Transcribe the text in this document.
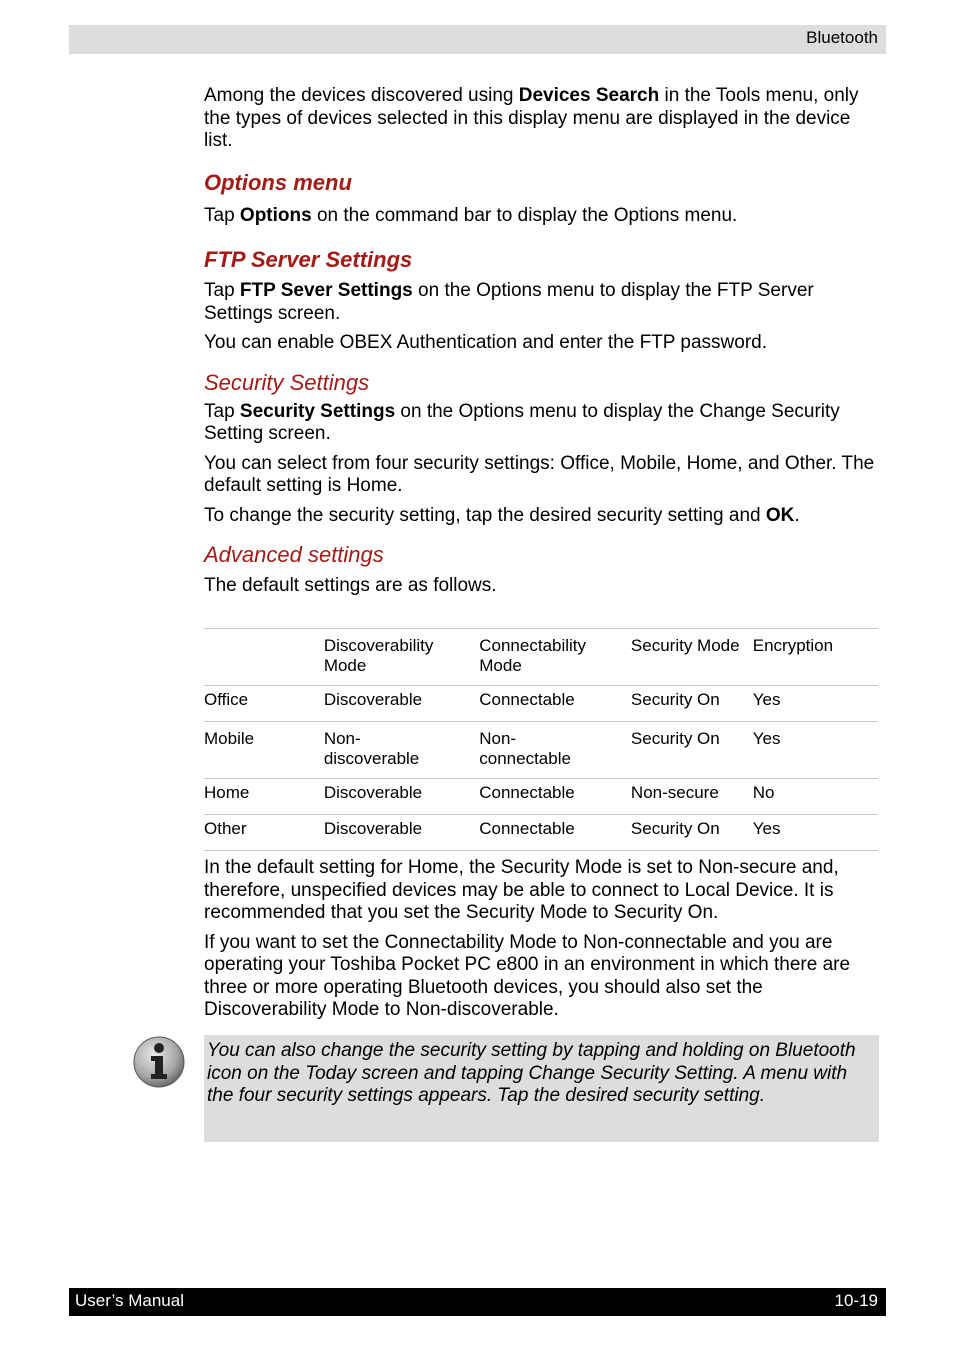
Bluetooth

Among the devices discovered using Devices Search in the Tools menu, only the types of devices selected in this display menu are displayed in the device list.

Options menu

Tap Options on the command bar to display the Options menu.

FTP Server Settings

Tap FTP Sever Settings on the Options menu to display the FTP Server Settings screen.

You can enable OBEX Authentication and enter the FTP password.

Security Settings

Tap Security Settings on the Options menu to display the Change Security Setting screen.

You can select from four security settings: Office, Mobile, Home, and Other. The default setting is Home.

To change the security setting, tap the desired security setting and OK.

Advanced settings

The default settings are as follows.

	Discoverability Mode	Connectability Mode	Security Mode	Encryption
Office	Discoverable	Connectable	Security On	Yes
Mobile	Non-discoverable	Non-connectable	Security On	Yes
Home	Discoverable	Connectable	Non-secure	No
Other	Discoverable	Connectable	Security On	Yes

In the default setting for Home, the Security Mode is set to Non-secure and, therefore, unspecified devices may be able to connect to Local Device. It is recommended that you set the Security Mode to Security On.

If you want to set the Connectability Mode to Non-connectable and you are operating your Toshiba Pocket PC e800 in an environment in which there are three or more operating Bluetooth devices, you should also set the Discoverability Mode to Non-discoverable.

You can also change the security setting by tapping and holding on Bluetooth icon on the Today screen and tapping Change Security Setting. A menu with the four security settings appears. Tap the desired security setting.

User’s Manual	10-19
